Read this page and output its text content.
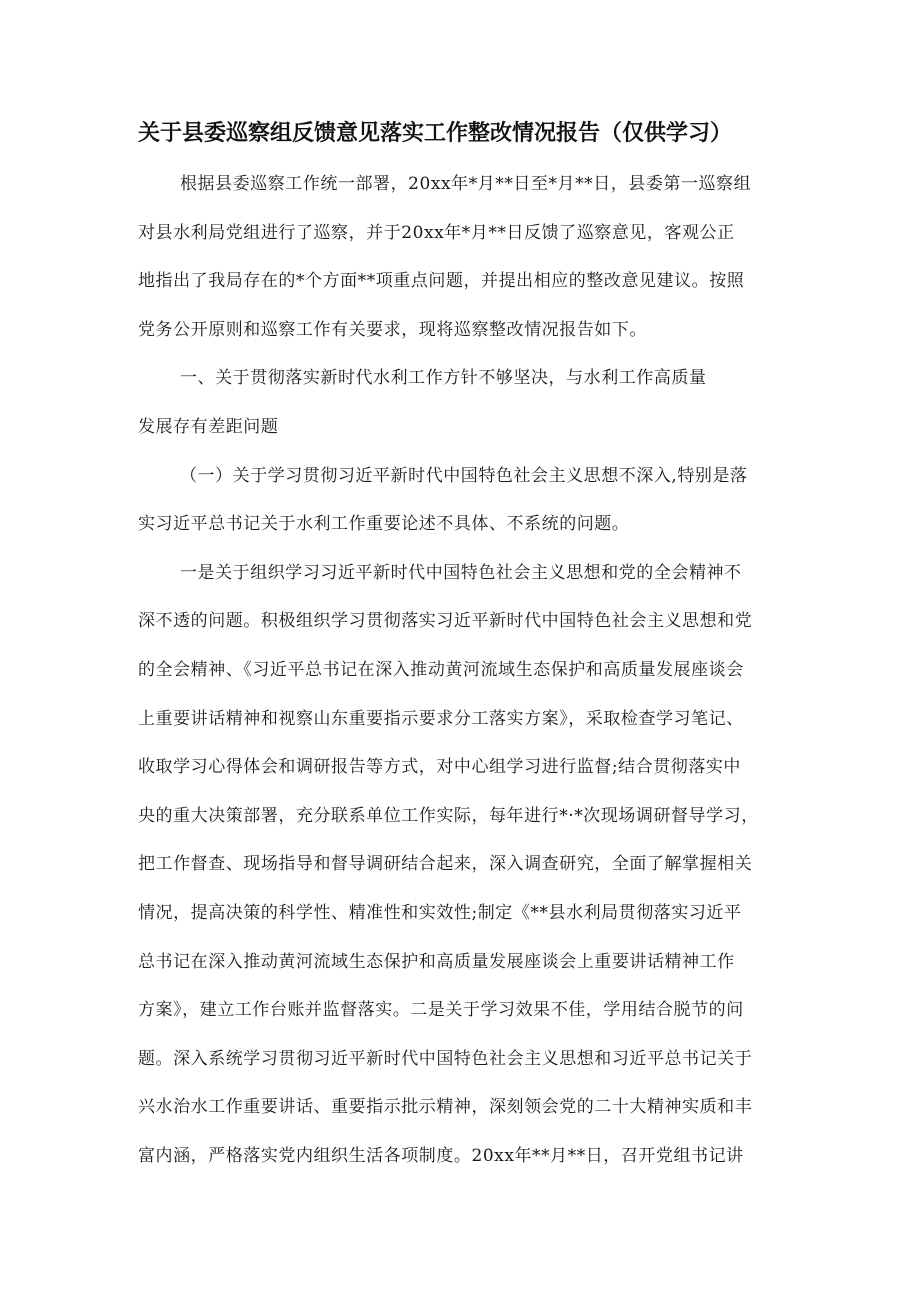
关于县委巡察组反馈意见落实工作整改情况报告（仅供学习）
根据县委巡察工作统一部署，20xx年*月**日至*月**日，县委第一巡察组
对县水利局党组进行了巡察，并于20xx年*月**日反馈了巡察意见，客观公正
地指出了我局存在的*个方面**项重点问题，并提出相应的整改意见建议。按照
党务公开原则和巡察工作有关要求，现将巡察整改情况报告如下。
一、关于贯彻落实新时代水利工作方针不够坚决，与水利工作高质量
发展存有差距问题
（一）关于学习贯彻习近平新时代中国特色社会主义思想不深入,特别是落
实习近平总书记关于水利工作重要论述不具体、不系统的问题。
一是关于组织学习习近平新时代中国特色社会主义思想和党的全会精神不
深不透的问题。积极组织学习贯彻落实习近平新时代中国特色社会主义思想和党
的全会精神、《习近平总书记在深入推动黄河流域生态保护和高质量发展座谈会
上重要讲话精神和视察山东重要指示要求分工落实方案》，采取检查学习笔记、
收取学习心得体会和调研报告等方式，对中心组学习进行监督;结合贯彻落实中
央的重大决策部署，充分联系单位工作实际，每年进行*·*次现场调研督导学习，
把工作督查、现场指导和督导调研结合起来，深入调查研究，全面了解掌握相关
情况，提高决策的科学性、精准性和实效性;制定《**县水利局贯彻落实习近平
总书记在深入推动黄河流域生态保护和高质量发展座谈会上重要讲话精神工作
方案》，建立工作台账并监督落实。二是关于学习效果不佳，学用结合脱节的问
题。深入系统学习贯彻习近平新时代中国特色社会主义思想和习近平总书记关于
兴水治水工作重要讲话、重要指示批示精神，深刻领会党的二十大精神实质和丰
富内涵，严格落实党内组织生活各项制度。20xx年**月**日，召开党组书记讲
